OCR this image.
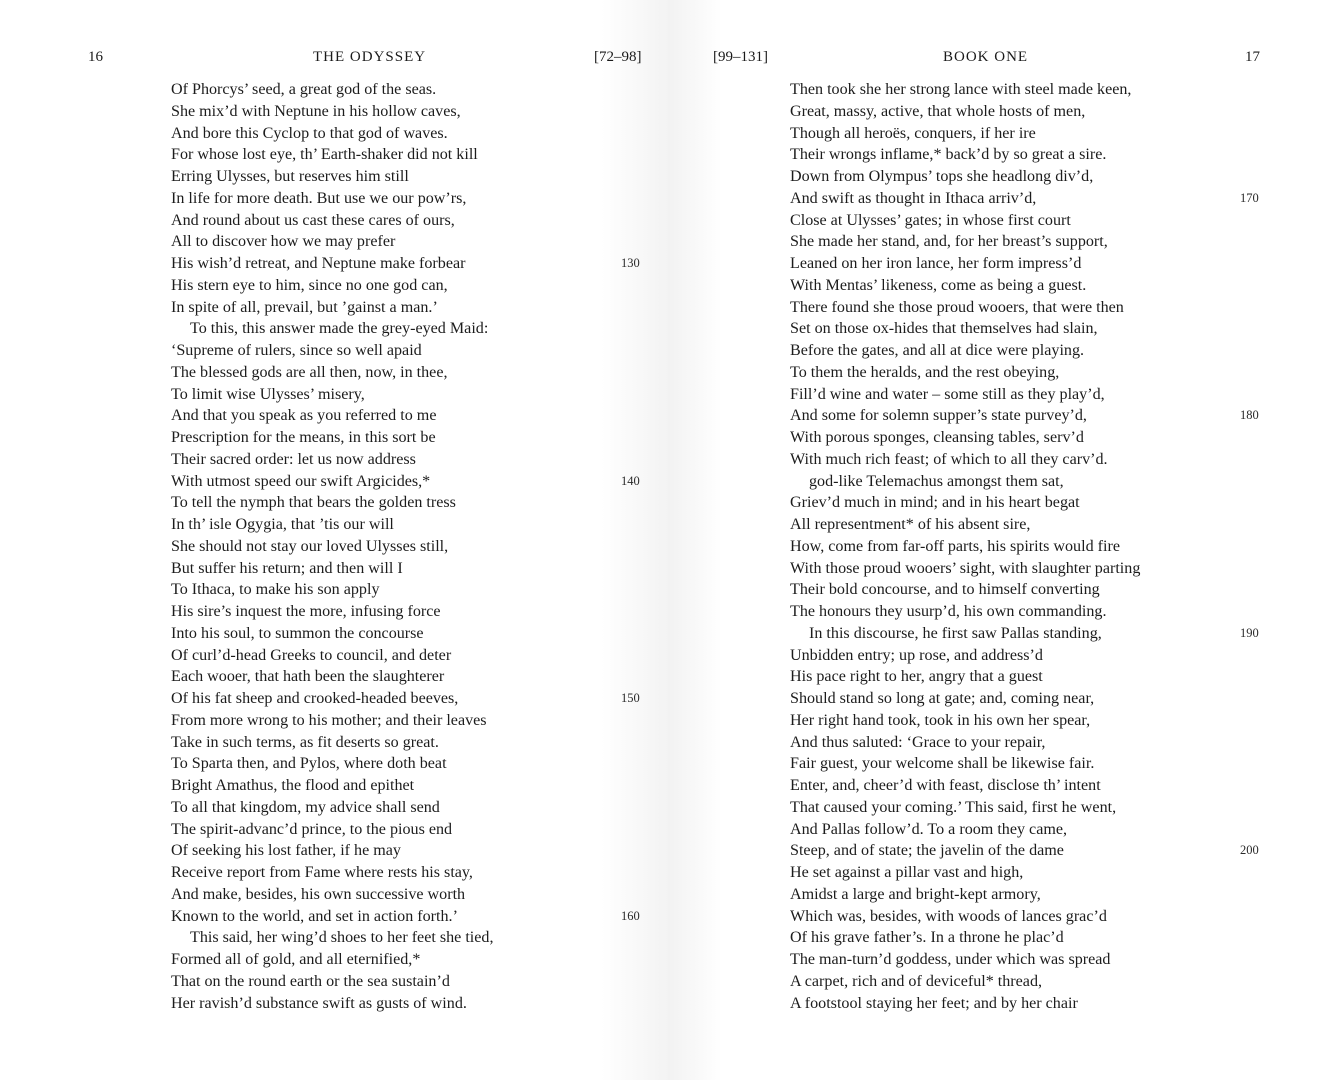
16	THE ODYSSEY	[72–98]
Of Phorcys’ seed, a great god of the seas.
She mix’d with Neptune in his hollow caves,
And bore this Cyclop to that god of waves.
For whose lost eye, th’ Earth-shaker did not kill
Erring Ulysses, but reserves him still
In life for more death. But use we our pow’rs,
And round about us cast these cares of ours,
All to discover how we may prefer
His wish’d retreat, and Neptune make forbear	130
His stern eye to him, since no one god can,
In spite of all, prevail, but ’gainst a man.’
To this, this answer made the grey-eyed Maid:
‘Supreme of rulers, since so well apaid
The blessed gods are all then, now, in thee,
To limit wise Ulysses’ misery,
And that you speak as you referred to me
Prescription for the means, in this sort be
Their sacred order: let us now address
With utmost speed our swift Argicides,*	140
To tell the nymph that bears the golden tress
In th’ isle Ogygia, that ’tis our will
She should not stay our loved Ulysses still,
But suffer his return; and then will I
To Ithaca, to make his son apply
His sire’s inquest the more, infusing force
Into his soul, to summon the concourse
Of curl’d-head Greeks to council, and deter
Each wooer, that hath been the slaughterer
Of his fat sheep and crooked-headed beeves,	150
From more wrong to his mother; and their leaves
Take in such terms, as fit deserts so great.
To Sparta then, and Pylos, where doth beat
Bright Amathus, the flood and epithet
To all that kingdom, my advice shall send
The spirit-advanc’d prince, to the pious end
Of seeking his lost father, if he may
Receive report from Fame where rests his stay,
And make, besides, his own successive worth
Known to the world, and set in action forth.’	160
This said, her wing’d shoes to her feet she tied,
Formed all of gold, and all eternified,*
That on the round earth or the sea sustain’d
Her ravish’d substance swift as gusts of wind.
[99–131]	BOOK ONE	17
Then took she her strong lance with steel made keen,
Great, massy, active, that whole hosts of men,
Though all heroës, conquers, if her ire
Their wrongs inflame,* back’d by so great a sire.
Down from Olympus’ tops she headlong div’d,
And swift as thought in Ithaca arriv’d,	170
Close at Ulysses’ gates; in whose first court
She made her stand, and, for her breast’s support,
Leaned on her iron lance, her form impress’d
With Mentas’ likeness, come as being a guest.
There found she those proud wooers, that were then
Set on those ox-hides that themselves had slain,
Before the gates, and all at dice were playing.
To them the heralds, and the rest obeying,
Fill’d wine and water – some still as they play’d,
And some for solemn supper’s state purvey’d,	180
With porous sponges, cleansing tables, serv’d
With much rich feast; of which to all they carv’d.
god-like Telemachus amongst them sat,
Griev’d much in mind; and in his heart begat
All representment* of his absent sire,
How, come from far-off parts, his spirits would fire
With those proud wooers’ sight, with slaughter parting
Their bold concourse, and to himself converting
The honours they usurp’d, his own commanding.
In this discourse, he first saw Pallas standing,	190
Unbidden entry; up rose, and address’d
His pace right to her, angry that a guest
Should stand so long at gate; and, coming near,
Her right hand took, took in his own her spear,
And thus saluted: ‘Grace to your repair,
Fair guest, your welcome shall be likewise fair.
Enter, and, cheer’d with feast, disclose th’ intent
That caused your coming.’ This said, first he went,
And Pallas follow’d. To a room they came,
Steep, and of state; the javelin of the dame	200
He set against a pillar vast and high,
Amidst a large and bright-kept armory,
Which was, besides, with woods of lances grac’d
Of his grave father’s. In a throne he plac’d
The man-turn’d goddess, under which was spread
A carpet, rich and of deviceful* thread,
A footstool staying her feet; and by her chair
